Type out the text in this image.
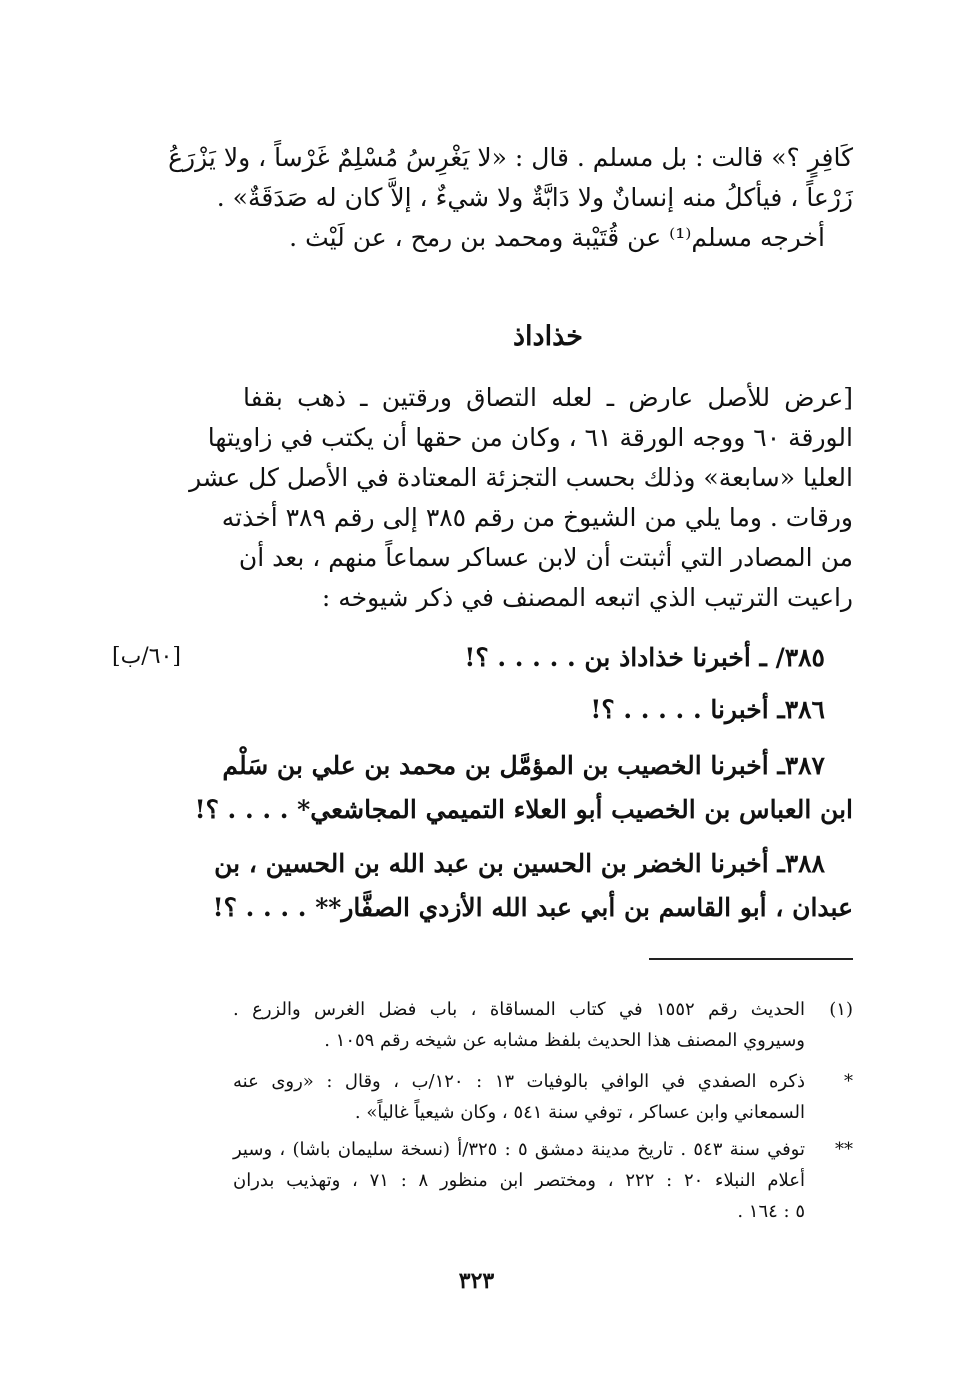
كَافِرٍ ؟» قالت : بل مسلم . قال : «لا يَغْرِسُ مُسْلِمٌ غَرْساً ، ولا يَزْرَعُ
زَرْعاً ، فيأكلُ منه إنسانٌ ولا دَابَّةٌ ولا شيءٌ ، إلاَّ كان له صَدَقَةٌ» .
أخرجه مسلم⁽¹⁾ عن قُتَيْبة ومحمد بن رمح ، عن لَيْث .
خذاداذ
[عرض للأصل عارض ـ لعله التصاق ورقتين ـ ذهب بقفا
الورقة ٦٠ ووجه الورقة ٦١ ، وكان من حقها أن يكتب في زاويتها
العليا «سابعة» وذلك بحسب التجزئة المعتادة في الأصل كل عشر
ورقات . وما يلي من الشيوخ من رقم ٣٨٥ إلى رقم ٣٨٩ أخذته
من المصادر التي أثبتت أن لابن عساكر سماعاً منهم ، بعد أن
راعيت الترتيب الذي اتبعه المصنف في ذكر شيوخه :
[٦٠/ب]	٣٨٥/ ـ أخبرنا خذاداذ بن . . . . . ؟!
٣٨٦ـ أخبرنا . . . . . ؟!
٣٨٧ـ أخبرنا الخصيب بن المؤمَّل بن محمد بن علي بن سَلْم
ابن العباس بن الخصيب أبو العلاء التميمي المجاشعي* . . . . ؟!
٣٨٨ـ أخبرنا الخضر بن الحسين بن عبد الله بن الحسين ، بن
عبدان ، أبو القاسم بن أبي عبد الله الأزدي الصفَّار** . . . . ؟!
(١)
الحديث رقم ١٥٥٢ في كتاب المساقاة ، باب فضل الغرس والزرع .
وسيروي المصنف هذا الحديث بلفظ مشابه عن شيخه رقم ١٠٥٩ .
*
ذكره الصفدي في الوافي بالوفيات ١٣ : ١٢٠/ب ، وقال : «روى عنه
السمعاني وابن عساكر ، توفي سنة ٥٤١ ، وكان شيعياً غالياً» .
**
توفي سنة ٥٤٣ . تاريخ مدينة دمشق ٥ : ٣٢٥/أ (نسخة سليمان باشا) ، وسير
أعلام النبلاء ٢٠ : ٢٢٢ ، ومختصر ابن منظور ٨ : ٧١ ، وتهذيب بدران
٥ : ١٦٤ .
٣٢٣
